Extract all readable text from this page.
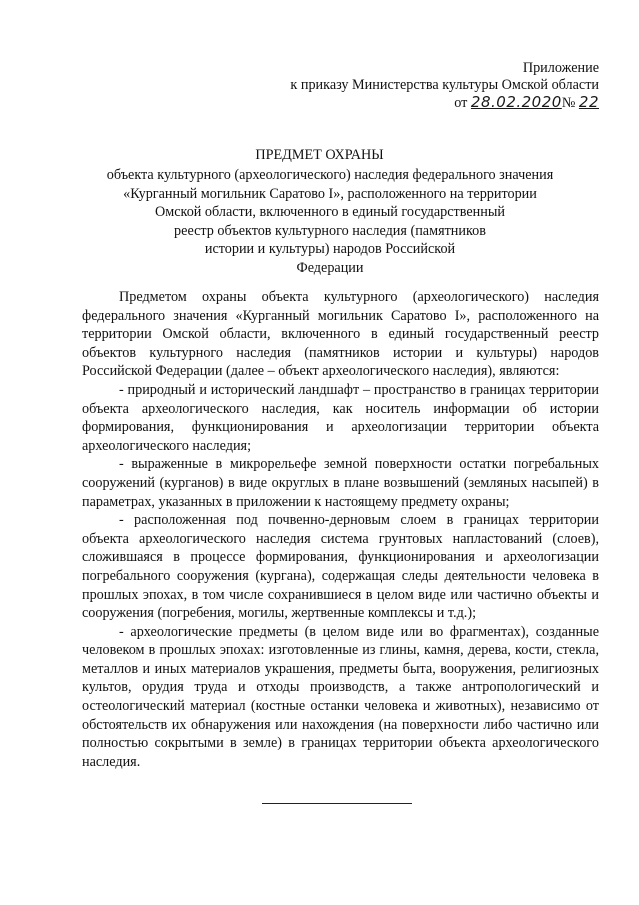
Приложение
к приказу Министерства культуры Омской области
от 28.02.2020№ 22
ПРЕДМЕТ ОХРАНЫ
объекта культурного (археологического) наследия федерального значения
«Курганный могильник Саратово I», расположенного на территории
Омской области, включенного в единый государственный
реестр объектов культурного наследия (памятников
истории и культуры) народов Российской
Федерации

Предметом охраны объекта культурного (археологического) наследия федерального значения «Курганный могильник Саратово I», расположенного на территории Омской области, включенного в единый государственный реестр объектов культурного наследия (памятников истории и культуры) народов Российской Федерации (далее – объект археологического наследия), являются:

- природный и исторический ландшафт – пространство в границах территории объекта археологического наследия, как носитель информации об истории формирования, функционирования и археологизации территории объекта археологического наследия;

- выраженные в микрорельефе земной поверхности остатки погребальных сооружений (курганов) в виде округлых в плане возвышений (земляных насыпей) в параметрах, указанных в приложении к настоящему предмету охраны;

- расположенная под почвенно-дерновым слоем в границах территории объекта археологического наследия система грунтовых напластований (слоев), сложившаяся в процессе формирования, функционирования и археологизации погребального сооружения (кургана), содержащая следы деятельности человека в прошлых эпохах, в том числе сохранившиеся в целом виде или частично объекты и сооружения (погребения, могилы, жертвенные комплексы и т.д.);

- археологические предметы (в целом виде или во фрагментах), созданные человеком в прошлых эпохах: изготовленные из глины, камня, дерева, кости, стекла, металлов и иных материалов украшения, предметы быта, вооружения, религиозных культов, орудия труда и отходы производств, а также антропологический и остеологический материал (костные останки человека и животных), независимо от обстоятельств их обнаружения или нахождения (на поверхности либо частично или полностью сокрытыми в земле) в границах территории объекта археологического наследия.
